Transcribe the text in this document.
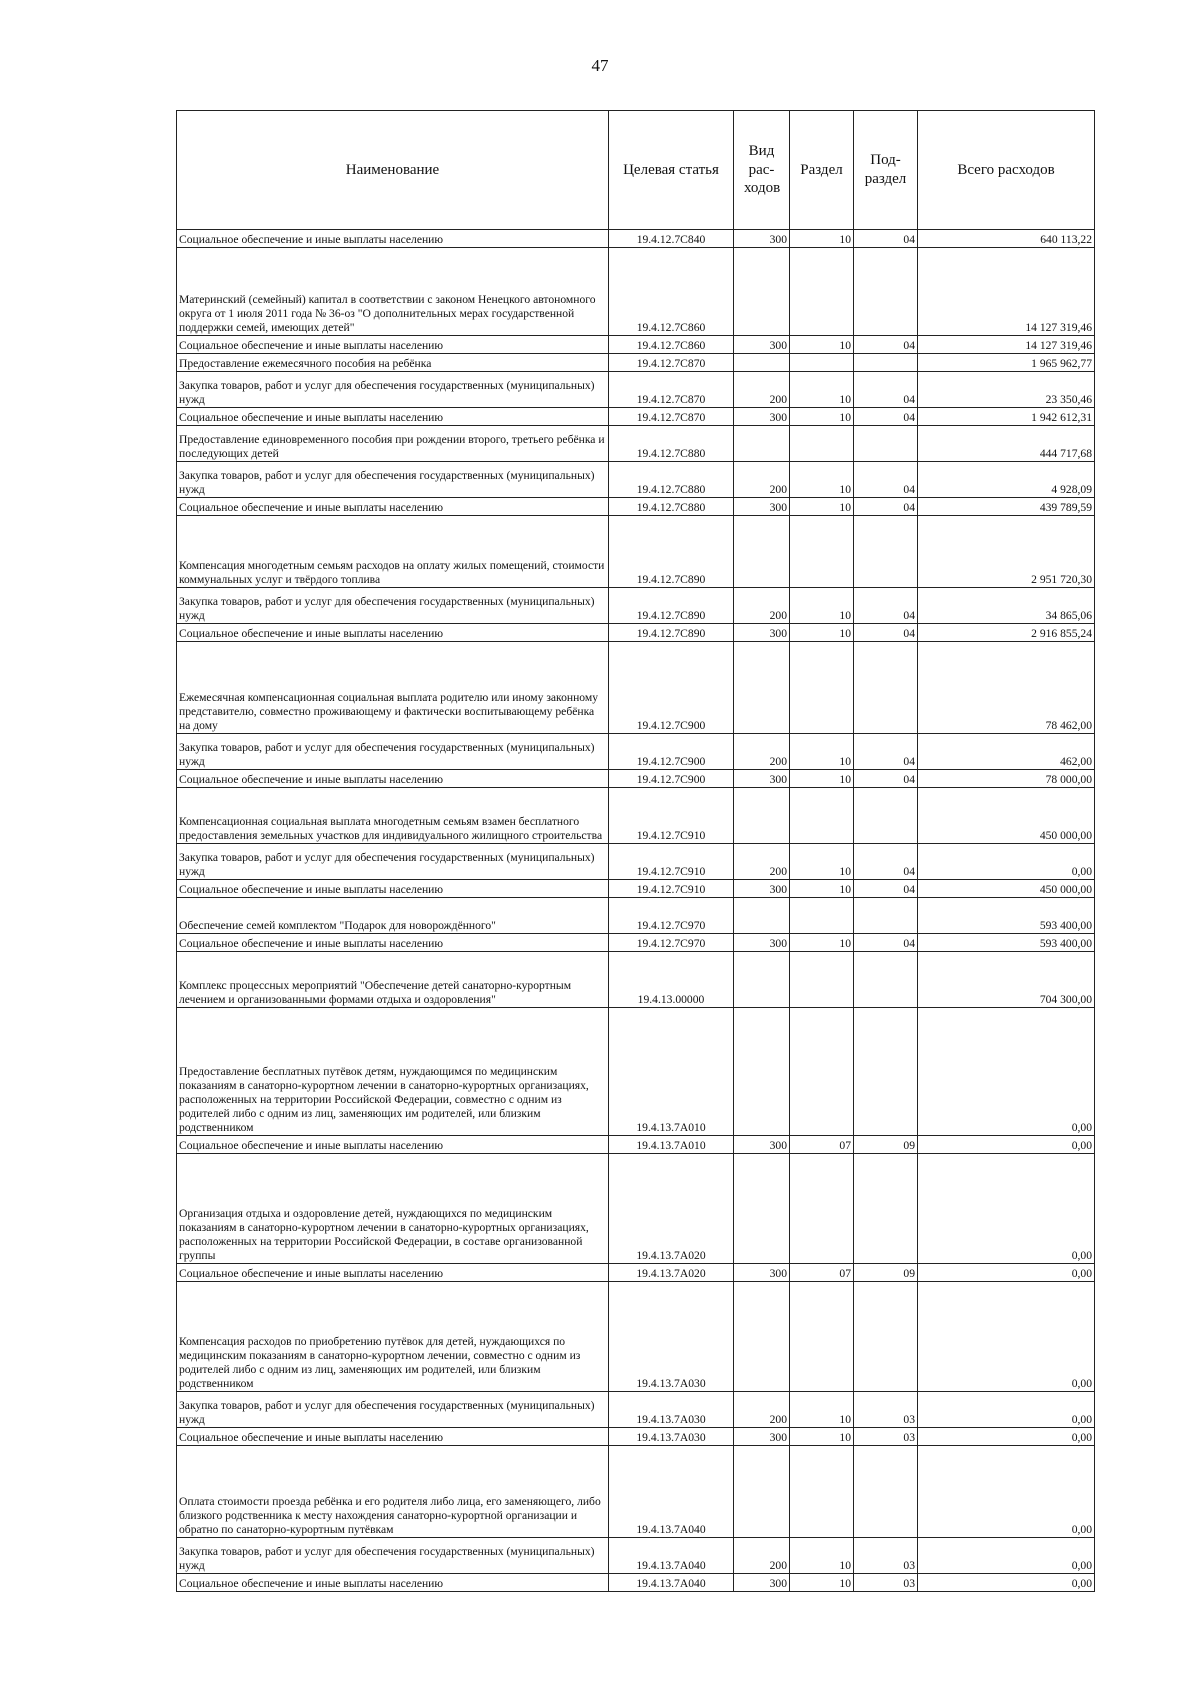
47
Наименование	Целевая статья	Вид рас- ходов	Раздел	Под- раздел	Всего расходов
Социальное обеспечение и иные выплаты населению	19.4.12.7С840	300	10	04	640 113,22
Материнский (семейный) капитал в соответствии с законом Ненецкого автономного округа от 1 июля 2011 года № 36-оз "О дополнительных мерах государственной поддержки семей, имеющих детей"	19.4.12.7С860				14 127 319,46
Социальное обеспечение и иные выплаты населению	19.4.12.7С860	300	10	04	14 127 319,46
Предоставление ежемесячного пособия на ребёнка	19.4.12.7С870				1 965 962,77
Закупка товаров, работ и услуг для обеспечения государственных (муниципальных) нужд	19.4.12.7С870	200	10	04	23 350,46
Социальное обеспечение и иные выплаты населению	19.4.12.7С870	300	10	04	1 942 612,31
Предоставление единовременного пособия при рождении второго, третьего ребёнка и последующих детей	19.4.12.7С880				444 717,68
Закупка товаров, работ и услуг для обеспечения государственных (муниципальных) нужд	19.4.12.7С880	200	10	04	4 928,09
Социальное обеспечение и иные выплаты населению	19.4.12.7С880	300	10	04	439 789,59
Компенсация многодетным семьям расходов на оплату жилых помещений, стоимости коммунальных услуг и твёрдого топлива	19.4.12.7С890				2 951 720,30
Закупка товаров, работ и услуг для обеспечения государственных (муниципальных) нужд	19.4.12.7С890	200	10	04	34 865,06
Социальное обеспечение и иные выплаты населению	19.4.12.7С890	300	10	04	2 916 855,24
Ежемесячная компенсационная социальная выплата родителю или иному законному представителю, совместно проживающему и фактически воспитывающему ребёнка на дому	19.4.12.7С900				78 462,00
Закупка товаров, работ и услуг для обеспечения государственных (муниципальных) нужд	19.4.12.7С900	200	10	04	462,00
Социальное обеспечение и иные выплаты населению	19.4.12.7С900	300	10	04	78 000,00
Компенсационная социальная выплата многодетным семьям взамен бесплатного предоставления земельных участков для индивидуального жилищного строительства	19.4.12.7С910				450 000,00
Закупка товаров, работ и услуг для обеспечения государственных (муниципальных) нужд	19.4.12.7С910	200	10	04	0,00
Социальное обеспечение и иные выплаты населению	19.4.12.7С910	300	10	04	450 000,00
Обеспечение семей комплектом "Подарок для новорождённого"	19.4.12.7С970				593 400,00
Социальное обеспечение и иные выплаты населению	19.4.12.7С970	300	10	04	593 400,00
Комплекс процессных мероприятий "Обеспечение детей санаторно-курортным лечением и организованными формами отдыха и оздоровления"	19.4.13.00000				704 300,00
Предоставление бесплатных путёвок детям, нуждающимся по медицинским показаниям в санаторно-курортном лечении в санаторно-курортных организациях, расположенных на территории Российской Федерации, совместно с одним из родителей либо с одним из лиц, заменяющих им родителей, или близким родственником	19.4.13.7А010				0,00
Социальное обеспечение и иные выплаты населению	19.4.13.7А010	300	07	09	0,00
Организация отдыха и оздоровление детей, нуждающихся по медицинским показаниям в санаторно-курортном лечении в санаторно-курортных организациях, расположенных на территории Российской Федерации, в составе организованной группы	19.4.13.7А020				0,00
Социальное обеспечение и иные выплаты населению	19.4.13.7А020	300	07	09	0,00
Компенсация расходов по приобретению путёвок для детей, нуждающихся по медицинским показаниям в санаторно-курортном лечении, совместно с одним из родителей либо с одним из лиц, заменяющих им родителей, или близким родственником	19.4.13.7А030				0,00
Закупка товаров, работ и услуг для обеспечения государственных (муниципальных) нужд	19.4.13.7А030	200	10	03	0,00
Социальное обеспечение и иные выплаты населению	19.4.13.7А030	300	10	03	0,00
Оплата стоимости проезда ребёнка и его родителя либо лица, его заменяющего, либо близкого родственника к месту нахождения санаторно-курортной организации и обратно по санаторно-курортным путёвкам	19.4.13.7А040				0,00
Закупка товаров, работ и услуг для обеспечения государственных (муниципальных) нужд	19.4.13.7А040	200	10	03	0,00
Социальное обеспечение и иные выплаты населению	19.4.13.7А040	300	10	03	0,00
